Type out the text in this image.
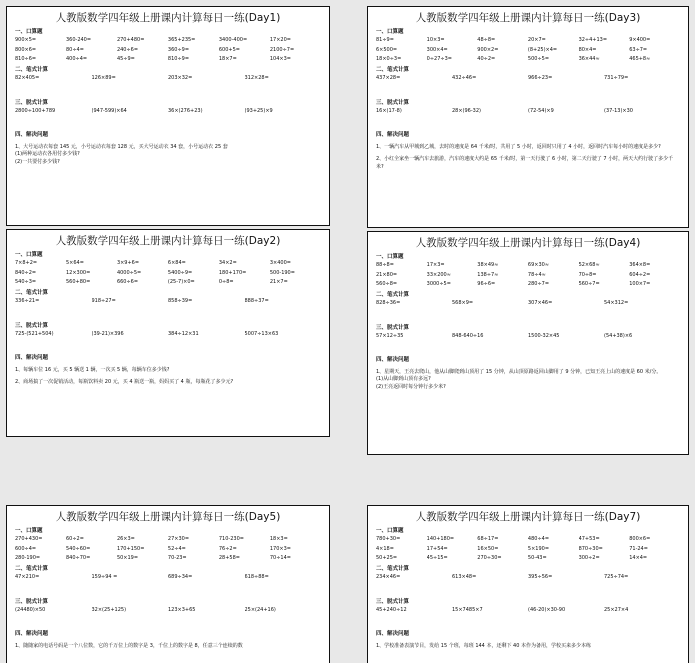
人教版数学四年级上册课内计算每日一练(Day1)
一、口算题
900×5=	360-240=	270+480=	365+235=	3400-400=	17×20=
800×6=	80÷4=	240÷6=	360÷9=	600+5=	2100÷7=
810÷6=	400÷4=	45÷9=	810÷9=	18×7=	104×3=
二、笔式计算
82×405=	126×89=	203×32=	312×28=
三、脱式计算
2800÷100+789	(947-599)×64	36×(276+23)	(93+25)×9
四、解决问题
1、大号运动衣每套 145 元，小号运动衣每套 128 元，买大号运动衣 34 套，小号运动衣 25 套
(1)两种运动衣各用付多少钱?
(2)一共要付多少钱?
人教版数学四年级上册课内计算每日一练(Day2)
一、口算题
7×8+2=	5×64=	3×9+6=	6×84=	34×2=	3×400=
840÷2=	12×300=	4000÷5=	5400÷9=	180+170=	500-190=
540÷3=	560+80=	660÷6=	(25-7)×0=	0÷8=	21×7=
二、笔式计算
336÷21=	918÷27=	858÷39=	888÷37=
三、脱式计算
725-(521+504)	(39-21)×396	384÷12×31	5007÷13×63
四、解决问题
1、每辆车位 16 元，买 5 辆送 1 辆，一次买 5 辆，每辆车位多少钱?
2、商场搞了一次促销活动，每瓶饮料卖 20 元，买 4 瓶送一瓶，妈妈买了 4 瓶，每瓶花了多少元?
人教版数学四年级上册课内计算每日一练(Day3)
一、口算题
81÷9=	10×3=	48÷8=	20×7=	32÷4+13=	9×400=
6×500=	300×4=	900×2=	(8+25)×4=	80×4=	63÷7=
18×0÷3=	0÷27÷3=	40÷2=	500÷5=	36×44≈	465+8≈
二、笔式计算
437×28=	432÷46=	966÷23=	731÷79=
三、脱式计算
16×(17-8)	28×(96-32)	(72-54)×9	(37-13)×30
四、解决问题
1、一辆汽车从甲城到乙城，去时的速度是 64 千米/时，共用了 5 小时，返回时只用了 4 小时，返回时汽车每小时的速度是多少?
2、小红全家坐一辆汽车去旅游，汽车的速度大约是 65 千米/时，第一天行驶了 6 小时，第二天行驶了 7 小时，两天大约行驶了多少千米?
人教版数学四年级上册课内计算每日一练(Day4)
一、口算题
88÷8=	17×3=	38×49≈	69×30≈	52×68≈	364×8=
21×80=	33×200≈	138÷7≈	78÷4≈	70÷8=	604÷2=
560÷8=	3000÷5=	96÷6=	280÷7=	560÷7=	100×7=
二、笔式计算
828÷36=	568×9=	307×46=	54×312=
三、脱式计算
57×12÷35	848-640÷16	1500-32×45	(54+38)×6
四、解决问题
1、星期天，王亮去爬山，他从山脚爬到山顶用了 15 分钟，从山顶原路返回山脚用了 9 分钟，已知王亮上山的速度是 60 米/分。
(1)从山脚到山顶有多远?
(2)王亮返回时每分钟行多少米?
人教版数学四年级上册课内计算每日一练(Day5)
一、口算题
270+430=	60÷2=	26×3=	27×30=	710-230=	18×3=
600÷4=	540÷60=	170+150=	52÷4=	76÷2=	170×3=
280-190=	840÷70=	50×19=	70-23=	28+58=	70÷14=
二、笔式计算
47×210=	159÷94 =	689÷34=	618÷88=
三、脱式计算
(24480)×50	32×(25+125)	123×3+65	25×(24+16)
四、解决问题
1、随随家的电话号码是一个八位数，它的千万位上的数字是 3，千位上的数字是 8，任意三个连续的数
人教版数学四年级上册课内计算每日一练(Day7)
一、口算题
780+30=	140+180=	68÷17=	480÷4=	47+53=	800×6=
4×18=	17+54=	16×50=	5×190=	870÷30=	71-24=
50+25=	45÷15=	270÷30=	50-43=	300÷2=	14×4=
二、笔式计算
234×46=	613×48=	395÷56=	725÷74=
三、脱式计算
45+240÷12	15×7485×7	(46-20)×30-90	25×27×4
四、解决问题
1、学校准备表演节目，发给 15 个班，每班 144 本，还剩下 40 本作为备用，学校买来多少本练
